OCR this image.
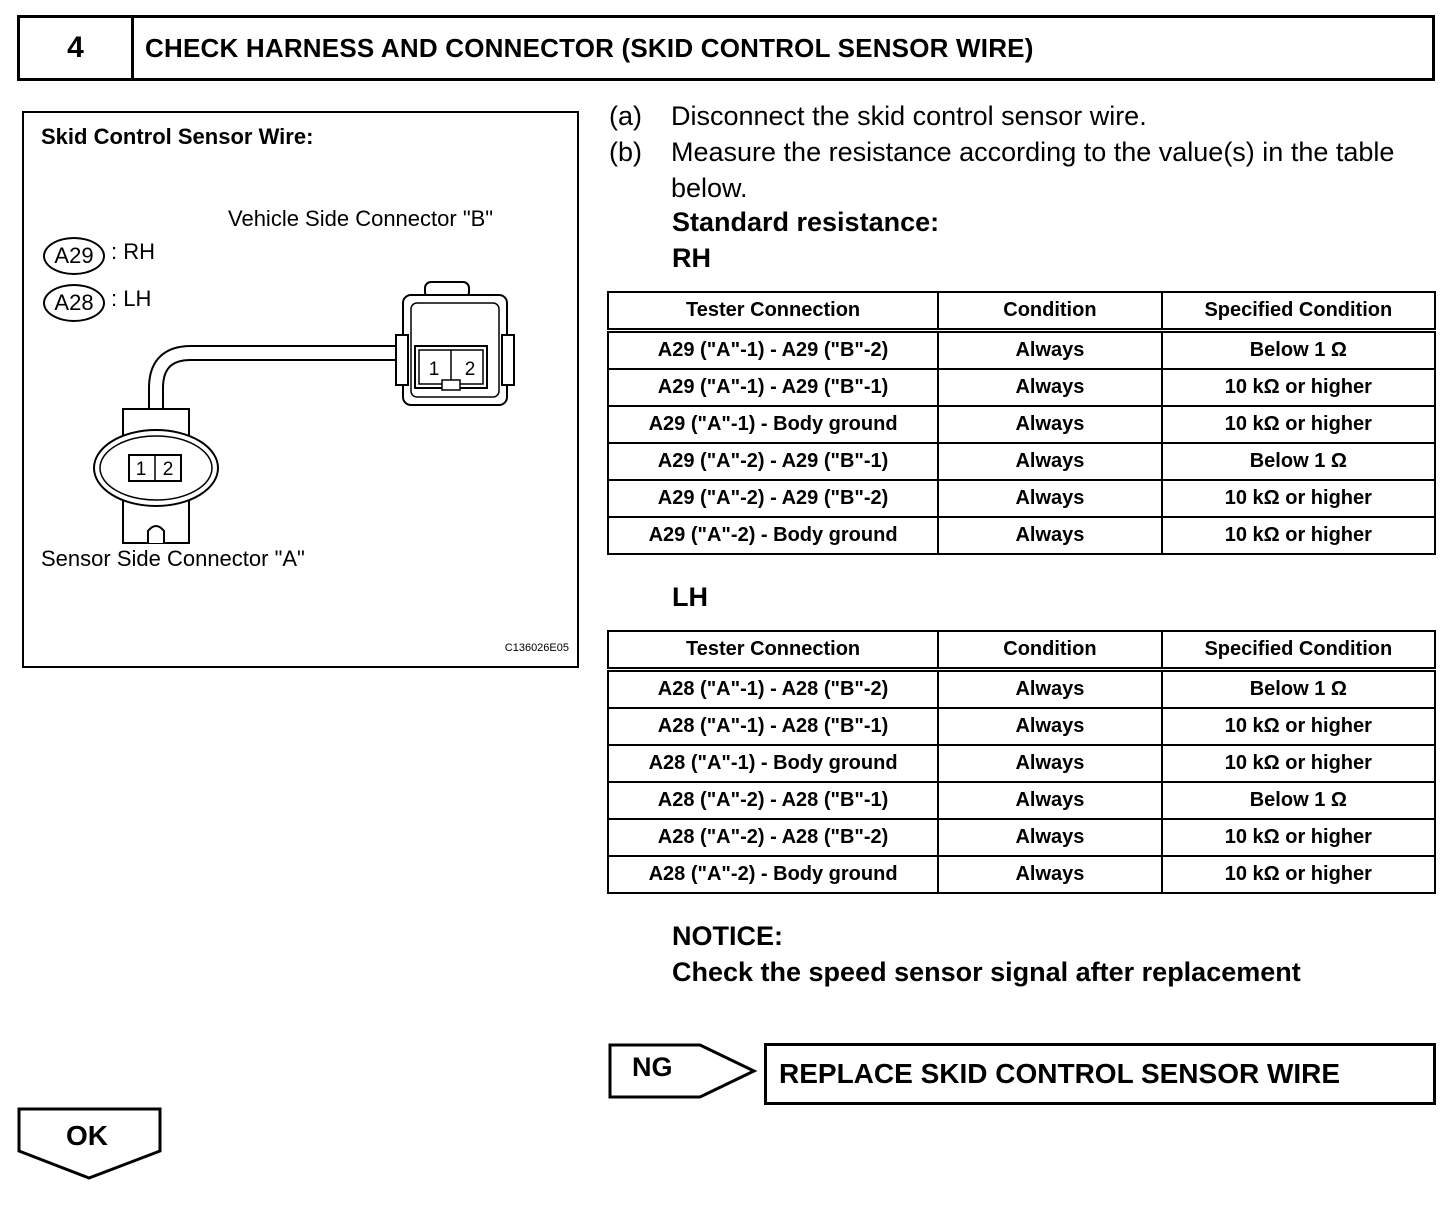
4	CHECK HARNESS AND CONNECTOR (SKID CONTROL SENSOR WIRE)
1 2
1 2
Skid Control Sensor Wire:
Vehicle Side Connector "B"
A29 : RH
A28 : LH
Sensor Side Connector "A"
C136026E05
(a) Disconnect the skid control sensor wire.
(b) Measure the resistance according to the value(s) in the table below.
Standard resistance:
RH
Tester Connection	Condition	Specified Condition
A29 ("A"-1) - A29 ("B"-2)	Always	Below 1 Ω
A29 ("A"-1) - A29 ("B"-1)	Always	10 kΩ or higher
A29 ("A"-1) - Body ground	Always	10 kΩ or higher
A29 ("A"-2) - A29 ("B"-1)	Always	Below 1 Ω
A29 ("A"-2) - A29 ("B"-2)	Always	10 kΩ or higher
A29 ("A"-2) - Body ground	Always	10 kΩ or higher
LH
Tester Connection	Condition	Specified Condition
A28 ("A"-1) - A28 ("B"-2)	Always	Below 1 Ω
A28 ("A"-1) - A28 ("B"-1)	Always	10 kΩ or higher
A28 ("A"-1) - Body ground	Always	10 kΩ or higher
A28 ("A"-2) - A28 ("B"-1)	Always	Below 1 Ω
A28 ("A"-2) - A28 ("B"-2)	Always	10 kΩ or higher
A28 ("A"-2) - Body ground	Always	10 kΩ or higher
NOTICE:
Check the speed sensor signal after replacement
NG	REPLACE SKID CONTROL SENSOR WIRE
OK
